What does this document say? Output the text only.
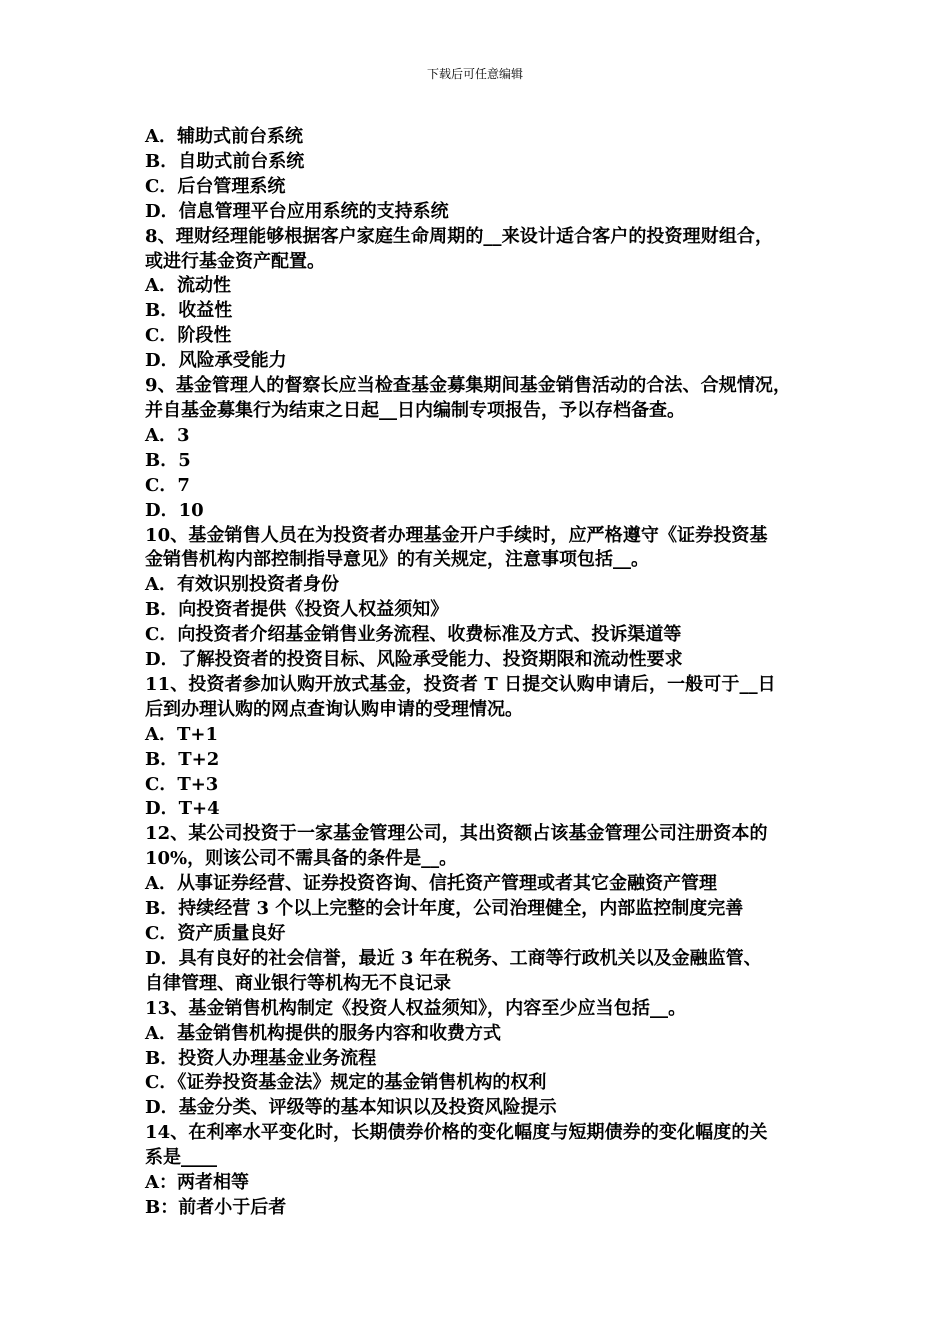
下载后可任意编辑
A．辅助式前台系统
B．自助式前台系统
C．后台管理系统
D．信息管理平台应用系统的支持系统
8、理财经理能够根据客户家庭生命周期的__来设计适合客户的投资理财组合，
或进行基金资产配置。
A．流动性
B．收益性
C．阶段性
D．风险承受能力
9、基金管理人的督察长应当检查基金募集期间基金销售活动的合法、合规情况，
并自基金募集行为结束之日起__日内编制专项报告，予以存档备查。
A．3
B．5
C．7
D．10
10、基金销售人员在为投资者办理基金开户手续时，应严格遵守《证券投资基
金销售机构内部控制指导意见》的有关规定，注意事项包括__。
A．有效识别投资者身份
B．向投资者提供《投资人权益须知》
C．向投资者介绍基金销售业务流程、收费标准及方式、投诉渠道等
D．了解投资者的投资目标、风险承受能力、投资期限和流动性要求
11、投资者参加认购开放式基金，投资者 T 日提交认购申请后，一般可于__日
后到办理认购的网点查询认购申请的受理情况。
A．T+1
B．T+2
C．T+3
D．T+4
12、某公司投资于一家基金管理公司，其出资额占该基金管理公司注册资本的
10%，则该公司不需具备的条件是__。
A．从事证券经营、证券投资咨询、信托资产管理或者其它金融资产管理
B．持续经营 3 个以上完整的会计年度，公司治理健全，内部监控制度完善
C．资产质量良好
D．具有良好的社会信誉，最近 3 年在税务、工商等行政机关以及金融监管、
自律管理、商业银行等机构无不良记录
13、基金销售机构制定《投资人权益须知》，内容至少应当包括__。
A．基金销售机构提供的服务内容和收费方式
B．投资人办理基金业务流程
C．《证券投资基金法》规定的基金销售机构的权利
D．基金分类、评级等的基本知识以及投资风险提示
14、在利率水平变化时，长期债券价格的变化幅度与短期债券的变化幅度的关
系是____
A：两者相等
B：前者小于后者
